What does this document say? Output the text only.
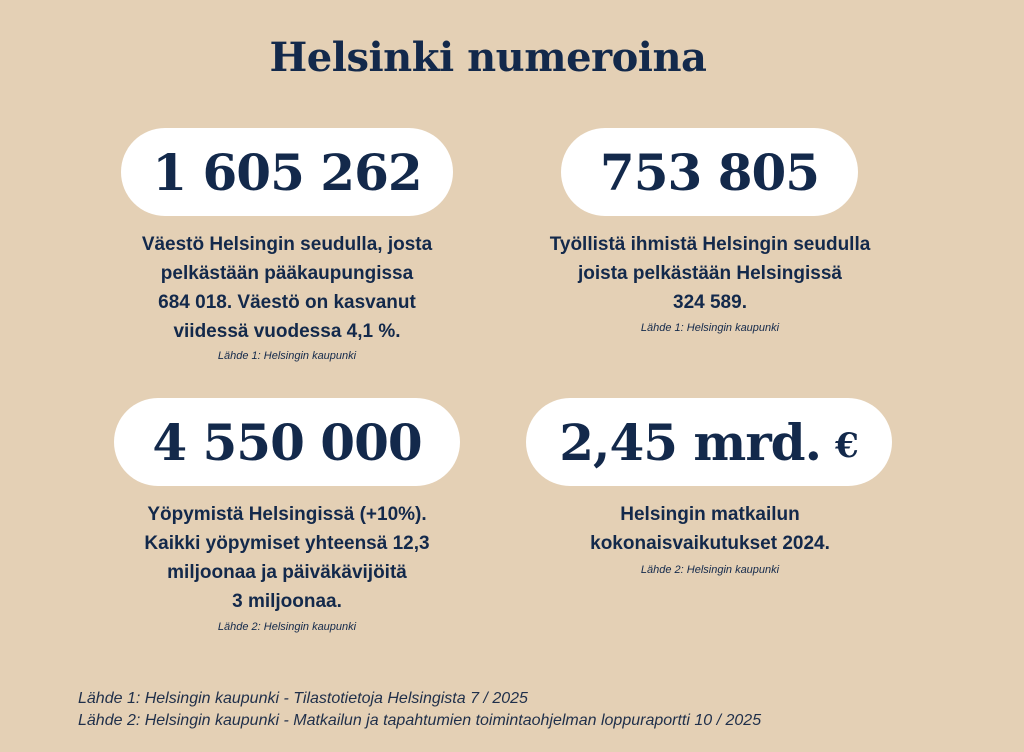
Helsinki numeroina
1 605 262

Väestö Helsingin seudulla, josta
pelkästään pääkaupungissa
684 018. Väestö on kasvanut
viidessä vuodessa 4,1 %.

Lähde 1: Helsingin kaupunki
753 805

Työllistä ihmistä Helsingin seudulla
joista pelkästään Helsingissä
324 589.

Lähde 1: Helsingin kaupunki
4 550 000

Yöpymistä Helsingissä (+10%).
Kaikki yöpymiset yhteensä 12,3
miljoonaa ja päiväkävijöitä
3 miljoonaa.

Lähde 2: Helsingin kaupunki
2,45 mrd. €

Helsingin matkailun
kokonaisvaikutukset 2024.

Lähde 2: Helsingin kaupunki
Lähde 1: Helsingin kaupunki - Tilastotietoja Helsingista 7 / 2025
Lähde 2: Helsingin kaupunki - Matkailun ja tapahtumien toimintaohjelman loppuraportti 10 / 2025
